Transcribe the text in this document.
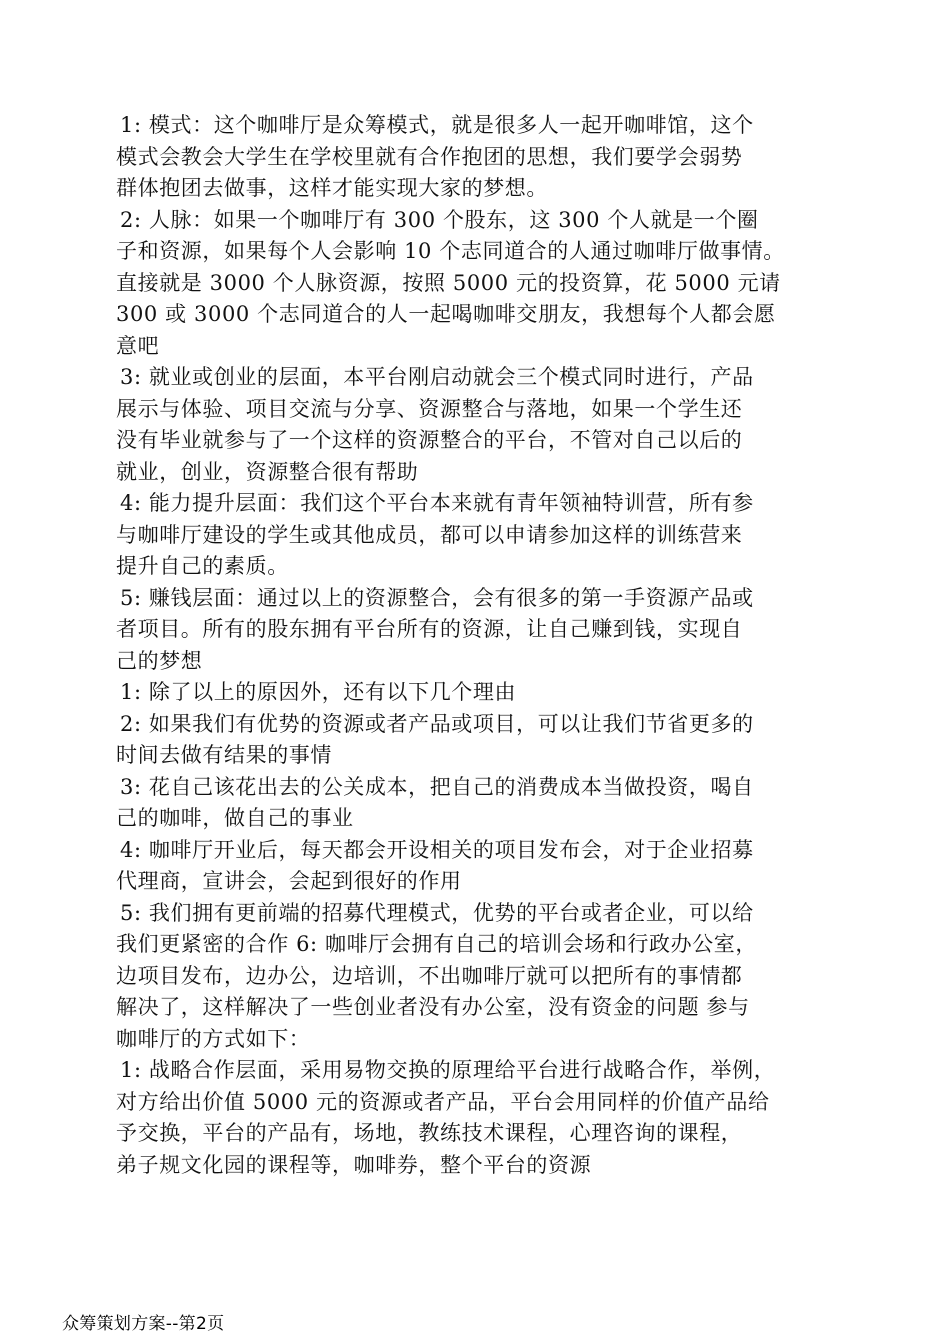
1: 模式：这个咖啡厅是众筹模式，就是很多人一起开咖啡馆，这个
模式会教会大学生在学校里就有合作抱团的思想，我们要学会弱势
群体抱团去做事，这样才能实现大家的梦想。
2: 人脉：如果一个咖啡厅有 300 个股东，这 300 个人就是一个圈
子和资源，如果每个人会影响 10 个志同道合的人通过咖啡厅做事情。
直接就是 3000 个人脉资源，按照 5000 元的投资算，花 5000 元请
300 或 3000 个志同道合的人一起喝咖啡交朋友，我想每个人都会愿
意吧
3: 就业或创业的层面，本平台刚启动就会三个模式同时进行，产品
展示与体验、项目交流与分享、资源整合与落地，如果一个学生还
没有毕业就参与了一个这样的资源整合的平台，不管对自己以后的
就业，创业，资源整合很有帮助
4: 能力提升层面：我们这个平台本来就有青年领袖特训营，所有参
与咖啡厅建设的学生或其他成员，都可以申请参加这样的训练营来
提升自己的素质。
5: 赚钱层面：通过以上的资源整合，会有很多的第一手资源产品或
者项目。所有的股东拥有平台所有的资源，让自己赚到钱，实现自
己的梦想
1: 除了以上的原因外，还有以下几个理由
2: 如果我们有优势的资源或者产品或项目，可以让我们节省更多的
时间去做有结果的事情
3: 花自己该花出去的公关成本，把自己的消费成本当做投资，喝自
己的咖啡，做自己的事业
4: 咖啡厅开业后，每天都会开设相关的项目发布会，对于企业招募
代理商，宣讲会，会起到很好的作用
5: 我们拥有更前端的招募代理模式，优势的平台或者企业，可以给
我们更紧密的合作 6: 咖啡厅会拥有自己的培训会场和行政办公室，
边项目发布，边办公，边培训，不出咖啡厅就可以把所有的事情都
解决了，这样解决了一些创业者没有办公室，没有资金的问题 参与
咖啡厅的方式如下：
1: 战略合作层面，采用易物交换的原理给平台进行战略合作，举例，
对方给出价值 5000 元的资源或者产品，平台会用同样的价值产品给
予交换，平台的产品有，场地，教练技术课程，心理咨询的课程，
弟子规文化园的课程等，咖啡券，整个平台的资源
众筹策划方案--第2页
